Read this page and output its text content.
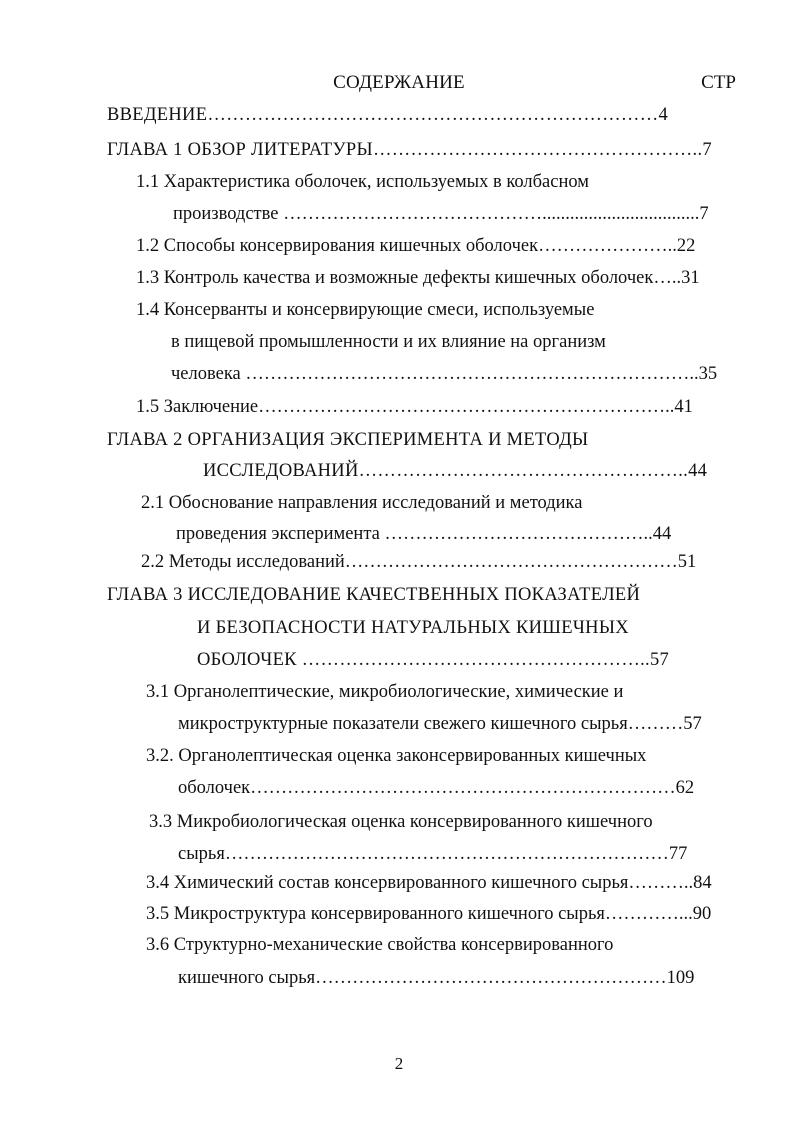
СОДЕРЖАНИЕ	СТР
ВВЕДЕНИЕ………………………………………………………………4
ГЛАВА 1 ОБЗОР ЛИТЕРАТУРЫ……………………………………………..7
1.1 Характеристика оболочек, используемых в колбасном
производстве ……………………………………..................................7
1.2 Способы консервирования кишечных оболочек…………………..22
1.3 Контроль качества и возможные дефекты кишечных оболочек…..31
1.4 Консерванты и консервирующие смеси, используемые
в пищевой промышленности и их влияние на организм
человека ………………………………………………………………..35
1.5 Заключение…………………………………………………………..41
ГЛАВА 2 ОРГАНИЗАЦИЯ ЭКСПЕРИМЕНТА И МЕТОДЫ
ИССЛЕДОВАНИЙ……………………………………………..44
2.1 Обоснование направления исследований и методика
проведения эксперимента ……………………………………..44
2.2 Методы исследований………………………………………………51
ГЛАВА 3 ИССЛЕДОВАНИЕ КАЧЕСТВЕННЫХ ПОКАЗАТЕЛЕЙ
И БЕЗОПАСНОСТИ НАТУРАЛЬНЫХ КИШЕЧНЫХ
ОБОЛОЧЕК ………………………………………………..57
3.1 Органолептические, микробиологические, химические и
микроструктурные показатели свежего кишечного сырья………57
3.2. Органолептическая оценка законсервированных кишечных
оболочек……………………………………………………………62
3.3 Микробиологическая оценка консервированного кишечного
сырья………………………………………………………………77
3.4 Химический состав консервированного кишечного сырья………..84
3.5 Микроструктура консервированного кишечного сырья…………...90
3.6 Структурно-механические свойства консервированного
кишечного сырья…………………………………………………109
2
